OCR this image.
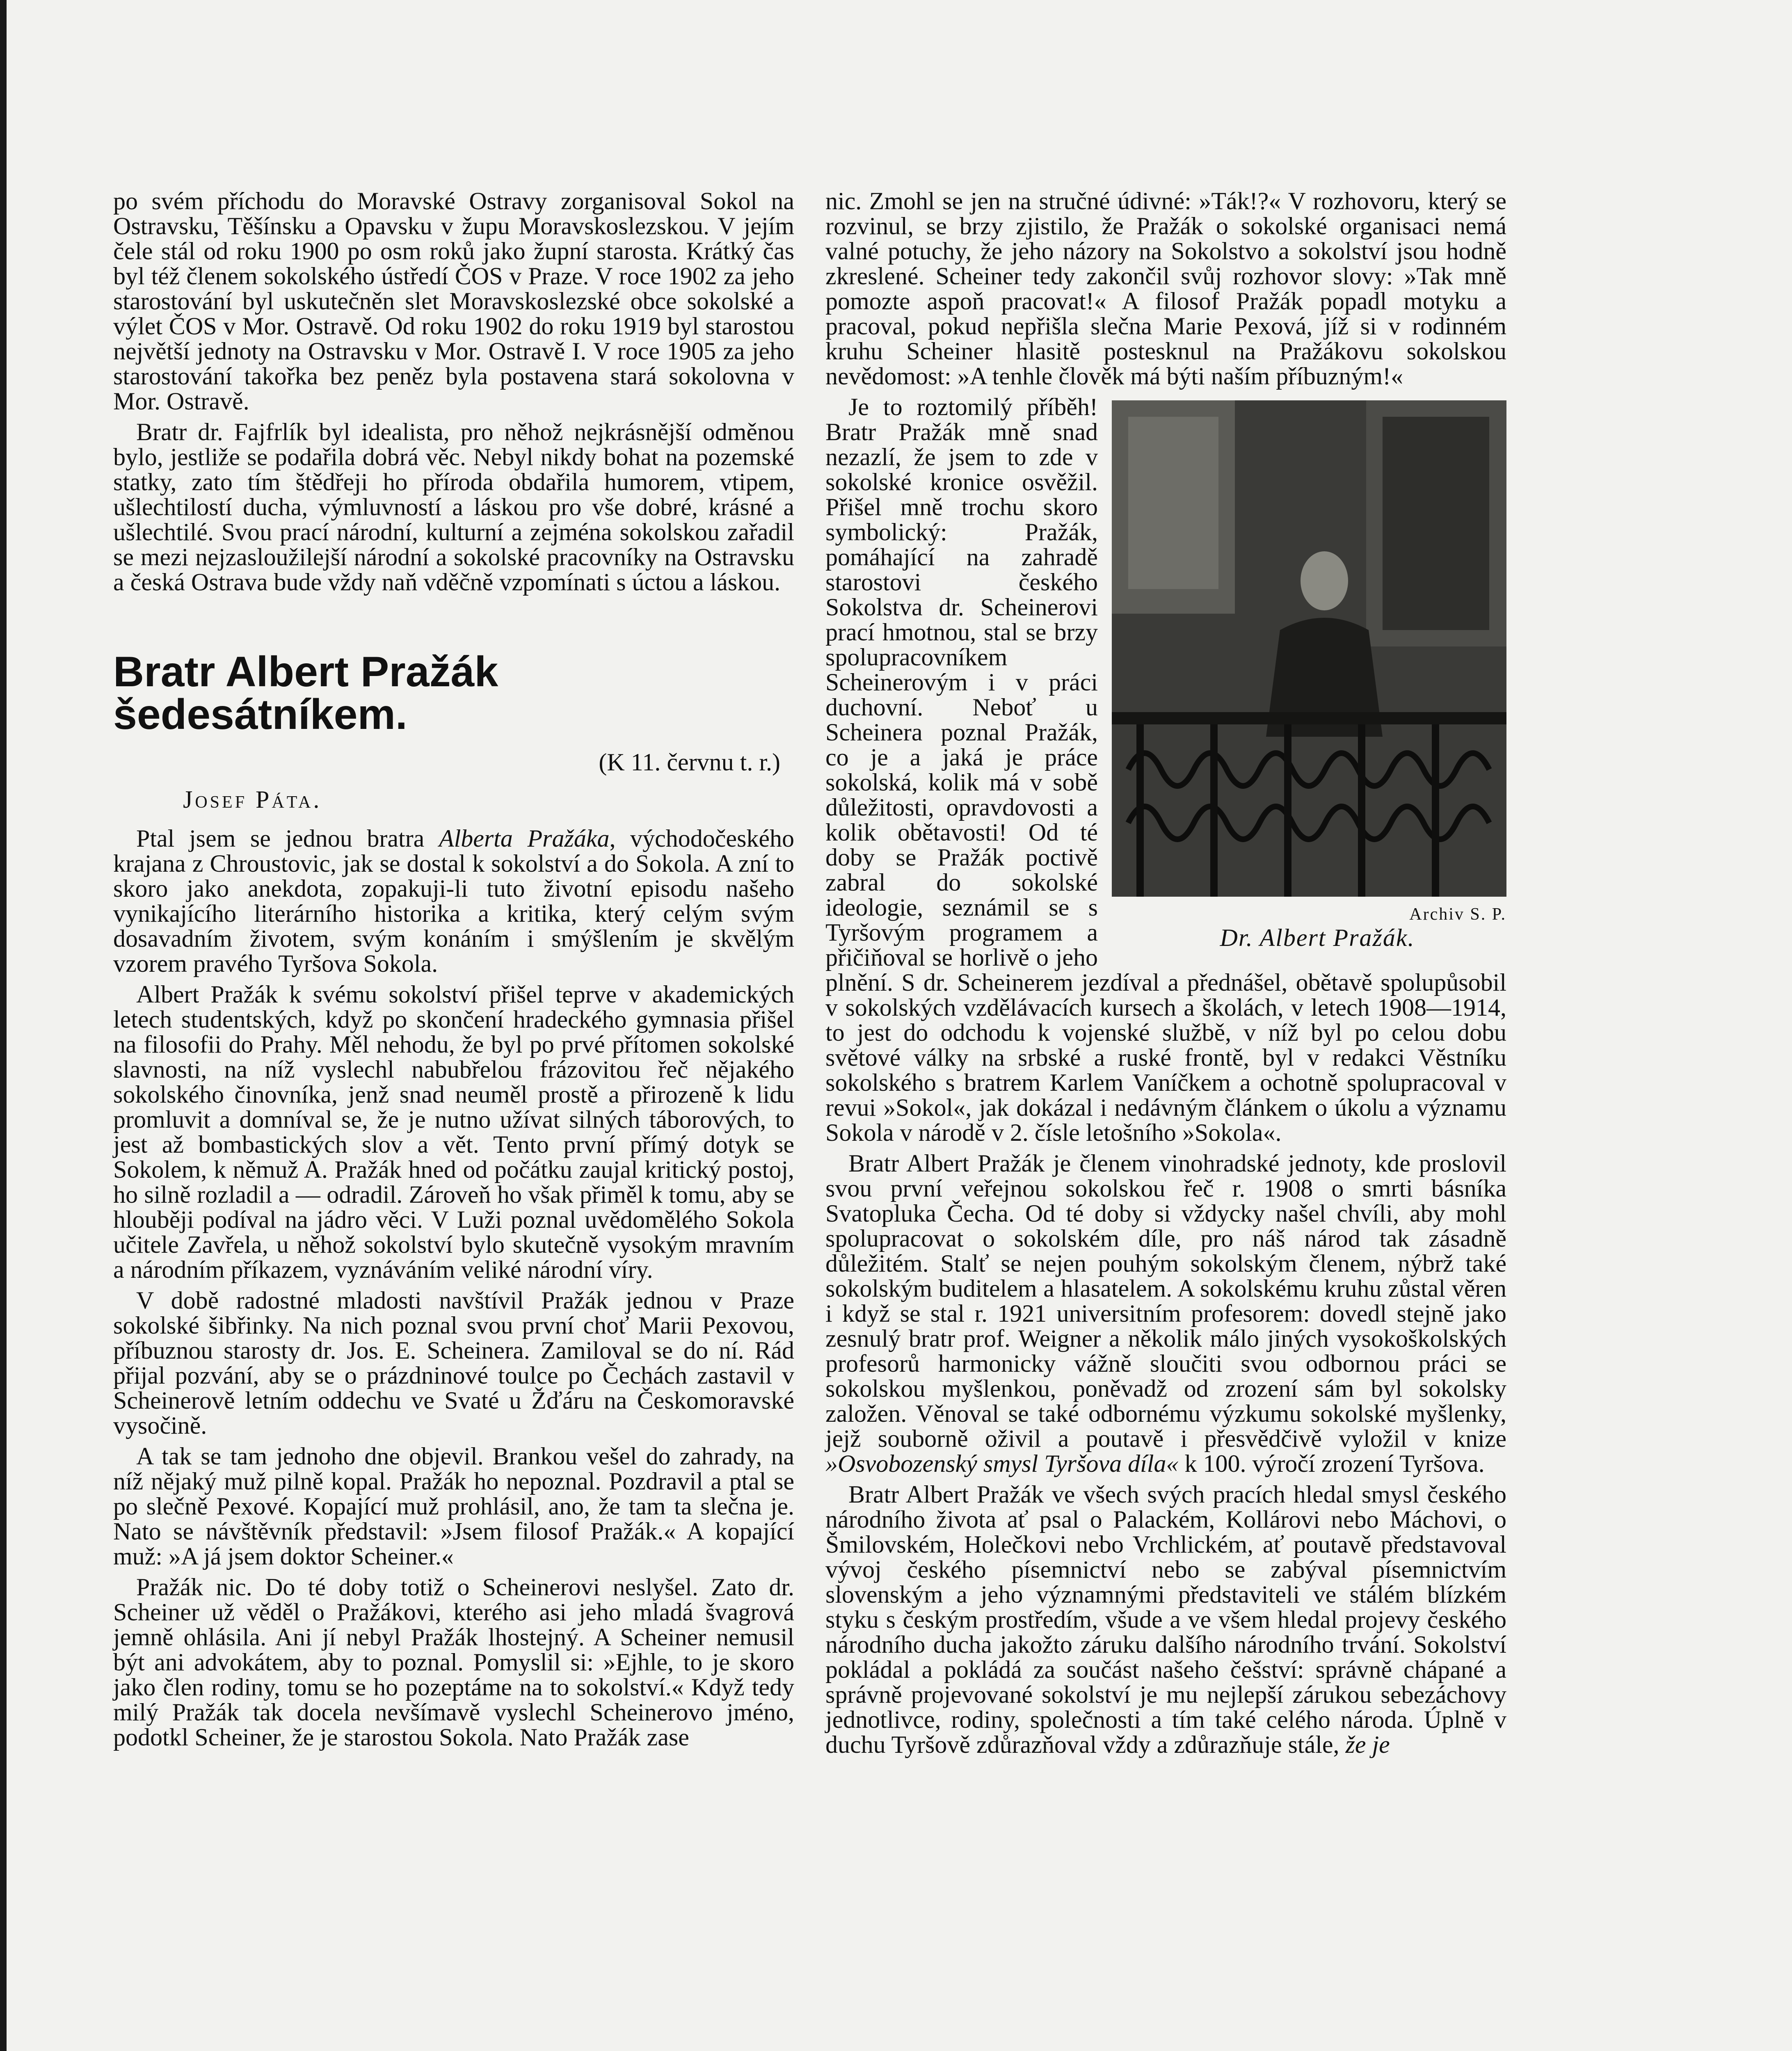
po svém příchodu do Moravské Ostravy zorganisoval Sokol na Ostravsku, Těšínsku a Opavsku v župu Moravskoslezskou. V jejím čele stál od roku 1900 po osm roků jako župní starosta. Krátký čas byl též členem sokolského ústředí ČOS v Praze. V roce 1902 za jeho starostování byl uskutečněn slet Moravskoslezské obce sokolské a výlet ČOS v Mor. Ostravě. Od roku 1902 do roku 1919 byl starostou největší jednoty na Ostravsku v Mor. Ostravě I. V roce 1905 za jeho starostování takořka bez peněz byla postavena stará sokolovna v Mor. Ostravě.

Bratr dr. Fajfrlík byl idealista, pro něhož nejkrásnější odměnou bylo, jestliže se podařila dobrá věc. Nebyl nikdy bohat na pozemské statky, zato tím štědřeji ho příroda obdařila humorem, vtipem, ušlechtilostí ducha, výmluvností a láskou pro vše dobré, krásné a ušlechtilé. Svou prací národní, kulturní a zejména sokolskou zařadil se mezi nejzasloužilejší národní a sokolské pracovníky na Ostravsku a česká Ostrava bude vždy naň vděčně vzpomínati s úctou a láskou.

Bratr Albert Pražák
šedesátníkem.

(K 11. červnu t. r.)

Josef Páta.

Ptal jsem se jednou bratra Alberta Pražáka, východočeského krajana z Chroustovic, jak se dostal k sokolství a do Sokola. A zní to skoro jako anekdota, zopakuji-li tuto životní episodu našeho vynikajícího literárního historika a kritika, který celým svým dosavadním životem, svým konáním i smýšlením je skvělým vzorem pravého Tyršova Sokola.

Albert Pražák k svému sokolství přišel teprve v akademických letech studentských, když po skončení hradeckého gymnasia přišel na filosofii do Prahy. Měl nehodu, že byl po prvé přítomen sokolské slavnosti, na níž vyslechl nabubřelou frázovitou řeč nějakého sokolského činovníka, jenž snad neuměl prostě a přirozeně k lidu promluvit a domníval se, že je nutno užívat silných táborových, to jest až bombastických slov a vět. Tento první přímý dotyk se Sokolem, k němuž A. Pražák hned od počátku zaujal kritický postoj, ho silně rozladil a — odradil. Zároveň ho však přiměl k tomu, aby se hlouběji podíval na jádro věci. V Luži poznal uvědomělého Sokola učitele Zavřela, u něhož sokolství bylo skutečně vysokým mravním a národním příkazem, vyznáváním veliké národní víry.

V době radostné mladosti navštívil Pražák jednou v Praze sokolské šibřinky. Na nich poznal svou první choť Marii Pexovou, příbuznou starosty dr. Jos. E. Scheinera. Zamiloval se do ní. Rád přijal pozvání, aby se o prázdninové toulce po Čechách zastavil v Scheinerově letním oddechu ve Svaté u Žďáru na Českomoravské vysočině.

A tak se tam jednoho dne objevil. Brankou vešel do zahrady, na níž nějaký muž pilně kopal. Pražák ho nepoznal. Pozdravil a ptal se po slečně Pexové. Kopající muž prohlásil, ano, že tam ta slečna je. Nato se návštěvník představil: »Jsem filosof Pražák.« A kopající muž: »A já jsem doktor Scheiner.«

Pražák nic. Do té doby totiž o Scheinerovi neslyšel. Zato dr. Scheiner už věděl o Pražákovi, kterého asi jeho mladá švagrová jemně ohlásila. Ani jí nebyl Pražák lhostejný. A Scheiner nemusil být ani advokátem, aby to poznal. Pomyslil si: »Ejhle, to je skoro jako člen rodiny, tomu se ho pozeptáme na to sokolství.« Když tedy milý Pražák tak docela nevšímavě vyslechl Scheinerovo jméno, podotkl Scheiner, že je starostou Sokola. Nato Pražák zase

nic. Zmohl se jen na stručné údivné: »Ták!?« V rozhovoru, který se rozvinul, se brzy zjistilo, že Pražák o sokolské organisaci nemá valné potuchy, že jeho názory na Sokolstvo a sokolství jsou hodně zkreslené. Scheiner tedy zakončil svůj rozhovor slovy: »Tak mně pomozte aspoň pracovat!« A filosof Pražák popadl motyku a pracoval, pokud nepřišla slečna Marie Pexová, jíž si v rodinném kruhu Scheiner hlasitě postesknul na Pražákovu sokolskou nevědomost: »A tenhle člověk má býti naším příbuzným!«

Archiv S. P.
Dr. Albert Pražák.

Je to roztomilý příběh! Bratr Pražák mně snad nezazlí, že jsem to zde v sokolské kronice osvěžil. Přišel mně trochu skoro symbolický: Pražák, pomáhající na zahradě starostovi českého Sokolstva dr. Scheinerovi prací hmotnou, stal se brzy spolupracovníkem Scheinerovým i v práci duchovní. Neboť u Scheinera poznal Pražák, co je a jaká je práce sokolská, kolik má v sobě důležitosti, opravdovosti a kolik obětavosti! Od té doby se Pražák poctivě zabral do sokolské ideologie, seznámil se s Tyršovým programem a přičiňoval se horlivě o jeho plnění. S dr. Scheinerem jezdíval a přednášel, obětavě spolupůsobil v sokolských vzdělávacích kursech a školách, v letech 1908—1914, to jest do odchodu k vojenské službě, v níž byl po celou dobu světové války na srbské a ruské frontě, byl v redakci Věstníku sokolského s bratrem Karlem Vaníčkem a ochotně spolupracoval v revui »Sokol«, jak dokázal i nedávným článkem o úkolu a významu Sokola v národě v 2. čísle letošního »Sokola«.

Bratr Albert Pražák je členem vinohradské jednoty, kde proslovil svou první veřejnou sokolskou řeč r. 1908 o smrti básníka Svatopluka Čecha. Od té doby si vždycky našel chvíli, aby mohl spolupracovat o sokolském díle, pro náš národ tak zásadně důležitém. Stalť se nejen pouhým sokolským členem, nýbrž také sokolským buditelem a hlasatelem. A sokolskému kruhu zůstal věren i když se stal r. 1921 universitním profesorem: dovedl stejně jako zesnulý bratr prof. Weigner a několik málo jiných vysokoškolských profesorů harmonicky vážně sloučiti svou odbornou práci se sokolskou myšlenkou, poněvadž od zrození sám byl sokolsky založen. Věnoval se také odbornému výzkumu sokolské myšlenky, jejž souborně oživil a poutavě i přesvědčivě vyložil v knize »Osvobozenský smysl Tyršova díla« k 100. výročí zrození Tyršova.

Bratr Albert Pražák ve všech svých pracích hledal smysl českého národního života ať psal o Palackém, Kollárovi nebo Máchovi, o Šmilovském, Holečkovi nebo Vrchlickém, ať poutavě představoval vývoj českého písemnictví nebo se zabýval písemnictvím slovenským a jeho významnými představiteli ve stálém blízkém styku s českým prostředím, všude a ve všem hledal projevy českého národního ducha jakožto záruku dalšího národního trvání. Sokolství pokládal a pokládá za součást našeho češství: správně chápané a správně projevované sokolství je mu nejlepší zárukou sebezáchovy jednotlivce, rodiny, společnosti a tím také celého národa. Úplně v duchu Tyršově zdůrazňoval vždy a zdůrazňuje stále, že je
